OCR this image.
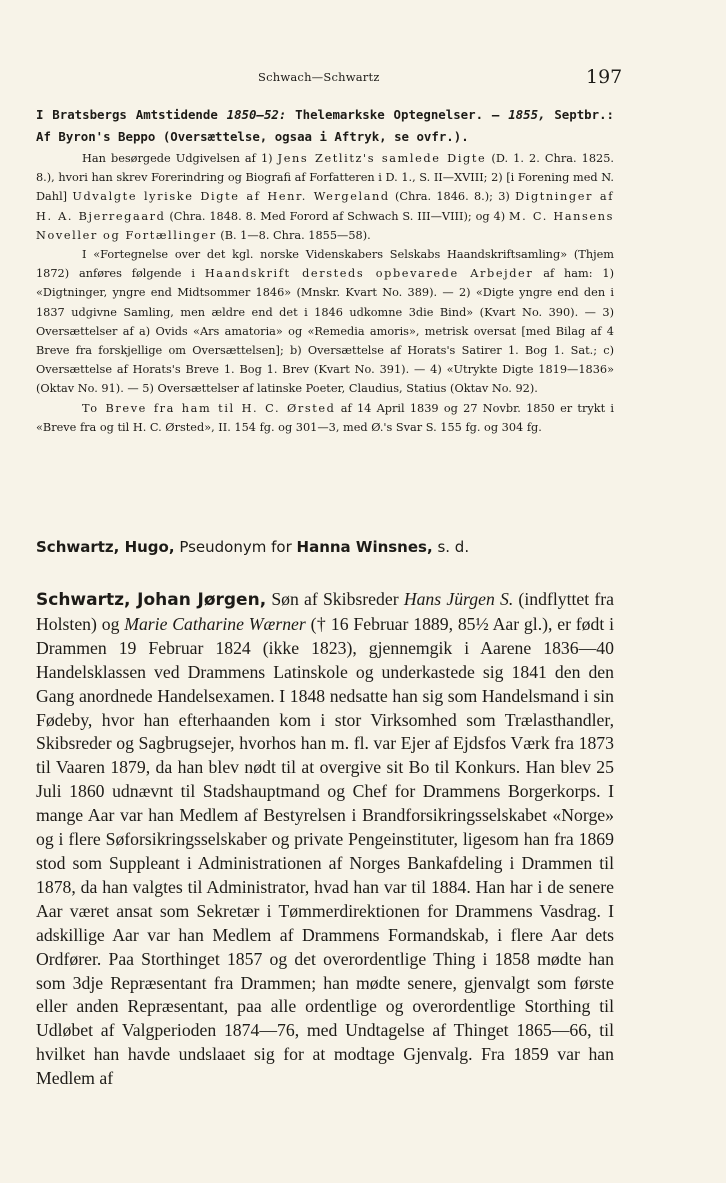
Schwach—Schwartz	197

I Bratsbergs Amtstidende 1850—52: Thelemarkske Optegnelser. — 1855, Septbr.: Af Byron's Beppo (Oversættelse, ogsaa i Aftryk, se ovfr.).

Han besørgede Udgivelsen af 1) Jens Zetlitz's samlede Digte (D. 1. 2. Chra. 1825. 8.), hvori han skrev Forerindring og Biografi af Forfatteren i D. 1., S. II—XVIII; 2) [i Forening med N. Dahl] Udvalgte lyriske Digte af Henr. Wergeland (Chra. 1846. 8.); 3) Digtninger af H. A. Bjerregaard (Chra. 1848. 8. Med Forord af Schwach S. III—VIII); og 4) M. C. Hansens Noveller og Fortællinger (B. 1—8. Chra. 1855—58).

I «Fortegnelse over det kgl. norske Videnskabers Selskabs Haandskriftsamling» (Thjem 1872) anføres følgende i Haandskrift dersteds opbevarede Arbejder af ham: 1) «Digtninger, yngre end Midtsommer 1846» (Mnskr. Kvart No. 389). — 2) «Digte yngre end den i 1837 udgivne Samling, men ældre end det i 1846 udkomne 3die Bind» (Kvart No. 390). — 3) Oversættelser af a) Ovids «Ars amatoria» og «Remedia amoris», metrisk oversat [med Bilag af 4 Breve fra forskjellige om Oversættelsen]; b) Oversættelse af Horats's Satirer 1. Bog 1. Sat.; c) Oversættelse af Horats's Breve 1. Bog 1. Brev (Kvart No. 391). — 4) «Utrykte Digte 1819—1836» (Oktav No. 91). — 5) Oversættelser af latinske Poeter, Claudius, Statius (Oktav No. 92).

To Breve fra ham til H. C. Ørsted af 14 April 1839 og 27 Novbr. 1850 er trykt i «Breve fra og til H. C. Ørsted», II. 154 fg. og 301—3, med Ø.'s Svar S. 155 fg. og 304 fg.

Schwartz, Hugo, Pseudonym for Hanna Winsnes, s. d.

Schwartz, Johan Jørgen, Søn af Skibsreder Hans Jürgen S. (indflyttet fra Holsten) og Marie Catharine Wærner († 16 Februar 1889, 85½ Aar gl.), er født i Drammen 19 Februar 1824 (ikke 1823), gjennemgik i Aarene 1836—40 Handelsklassen ved Drammens Latinskole og underkastede sig 1841 den den Gang anordnede Handelsexamen. I 1848 nedsatte han sig som Handelsmand i sin Fødeby, hvor han efterhaanden kom i stor Virksomhed som Trælasthandler, Skibsreder og Sagbrugsejer, hvorhos han m. fl. var Ejer af Ejdsfos Værk fra 1873 til Vaaren 1879, da han blev nødt til at overgive sit Bo til Konkurs. Han blev 25 Juli 1860 udnævnt til Stadshauptmand og Chef for Drammens Borgerkorps. I mange Aar var han Medlem af Bestyrelsen i Brandforsikringsselskabet «Norge» og i flere Søforsikringsselskaber og private Pengeinstituter, ligesom han fra 1869 stod som Suppleant i Administrationen af Norges Bankafdeling i Drammen til 1878, da han valgtes til Administrator, hvad han var til 1884. Han har i de senere Aar været ansat som Sekretær i Tømmerdirektionen for Drammens Vasdrag. I adskillige Aar var han Medlem af Drammens Formandskab, i flere Aar dets Ordfører. Paa Storthinget 1857 og det overordentlige Thing i 1858 mødte han som 3dje Repræsentant fra Drammen; han mødte senere, gjenvalgt som første eller anden Repræsentant, paa alle ordentlige og overordentlige Storthing til Udløbet af Valgperioden 1874—76, med Undtagelse af Thinget 1865—66, til hvilket han havde undslaaet sig for at modtage Gjenvalg. Fra 1859 var han Medlem af
